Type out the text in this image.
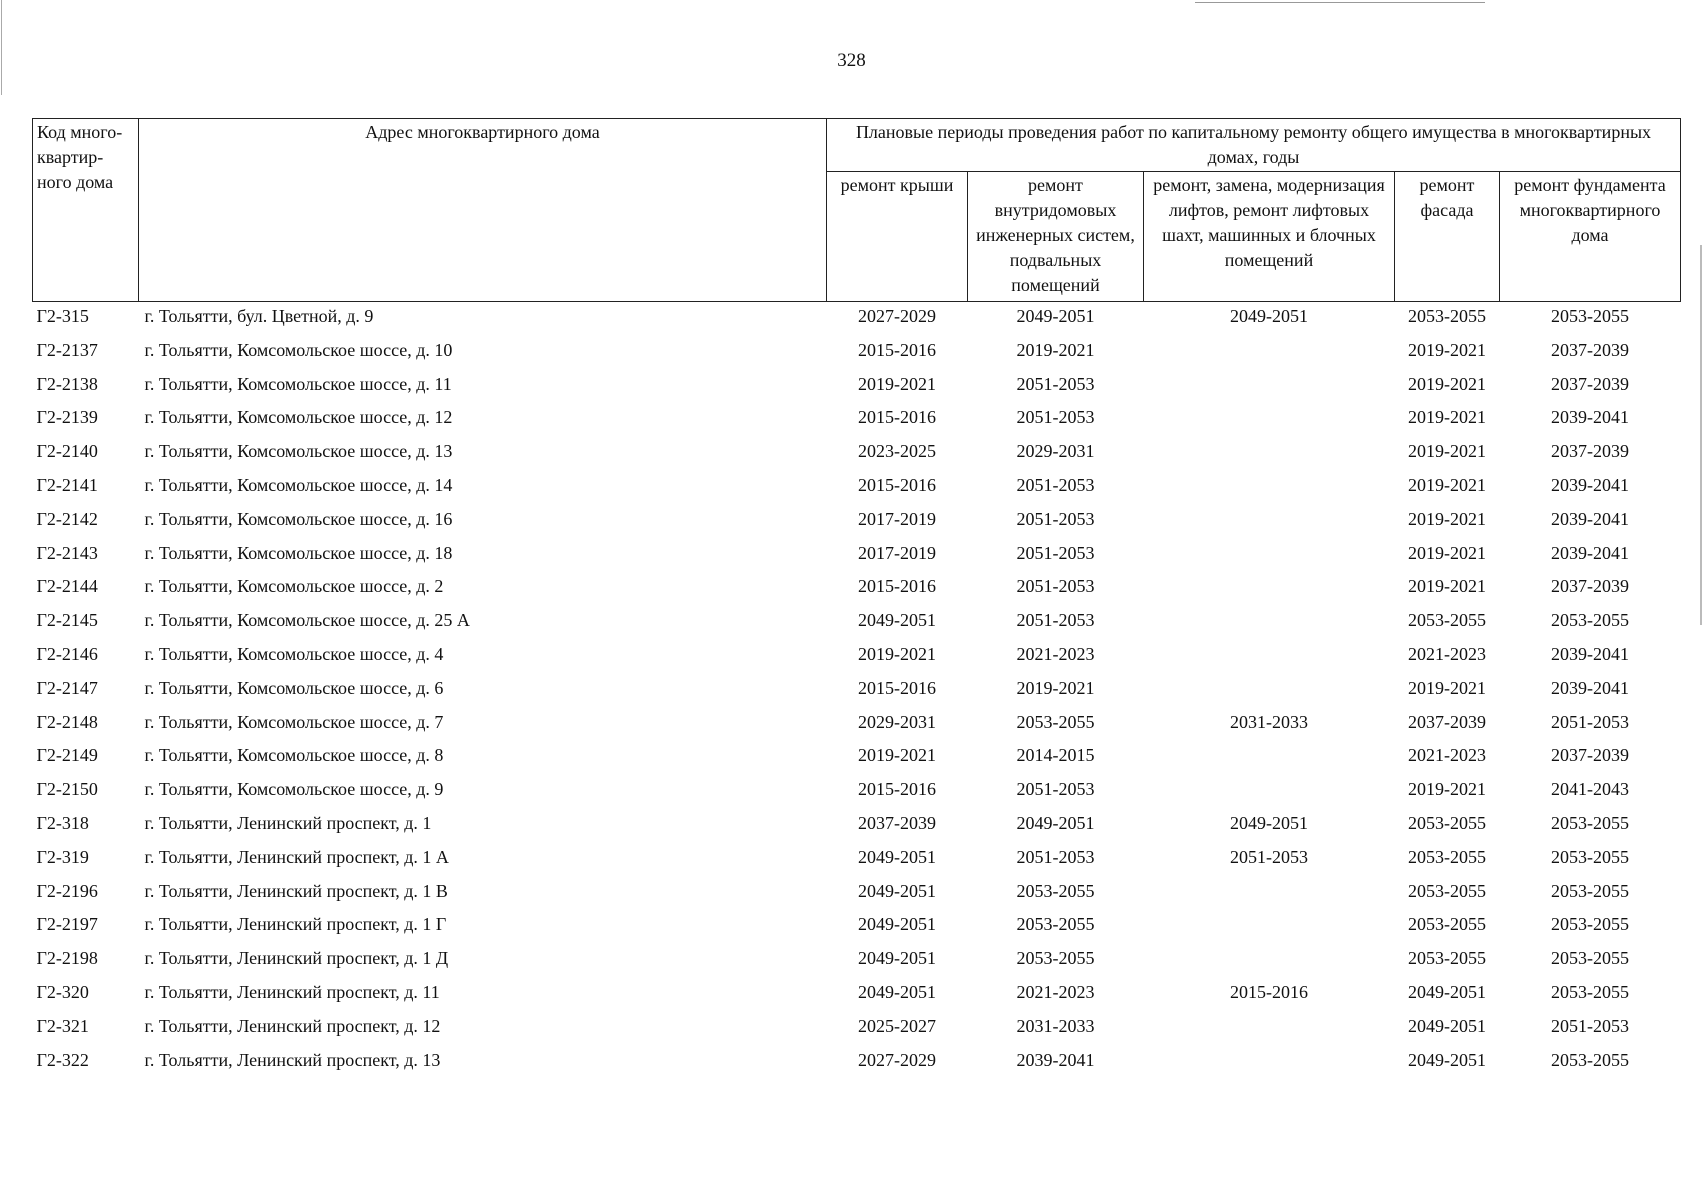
328
Код много-квартир-ного дома	Адрес многоквартирного дома	Плановые периоды проведения работ по капитальному ремонту общего имущества в многоквартирных домах, годы				
		ремонт крыши	ремонт внутридомовых инженерных систем, подвальных помещений	ремонт, замена, модернизация лифтов, ремонт лифтовых шахт, машинных и блочных помещений	ремонт фасада	ремонт фундамента многоквартирного дома
Г2-315	г. Тольятти, бул. Цветной, д. 9	2027-2029	2049-2051	2049-2051	2053-2055	2053-2055
Г2-2137	г. Тольятти, Комсомольское шоссе, д. 10	2015-2016	2019-2021		2019-2021	2037-2039
Г2-2138	г. Тольятти, Комсомольское шоссе, д. 11	2019-2021	2051-2053		2019-2021	2037-2039
Г2-2139	г. Тольятти, Комсомольское шоссе, д. 12	2015-2016	2051-2053		2019-2021	2039-2041
Г2-2140	г. Тольятти, Комсомольское шоссе, д. 13	2023-2025	2029-2031		2019-2021	2037-2039
Г2-2141	г. Тольятти, Комсомольское шоссе, д. 14	2015-2016	2051-2053		2019-2021	2039-2041
Г2-2142	г. Тольятти, Комсомольское шоссе, д. 16	2017-2019	2051-2053		2019-2021	2039-2041
Г2-2143	г. Тольятти, Комсомольское шоссе, д. 18	2017-2019	2051-2053		2019-2021	2039-2041
Г2-2144	г. Тольятти, Комсомольское шоссе, д. 2	2015-2016	2051-2053		2019-2021	2037-2039
Г2-2145	г. Тольятти, Комсомольское шоссе, д. 25 А	2049-2051	2051-2053		2053-2055	2053-2055
Г2-2146	г. Тольятти, Комсомольское шоссе, д. 4	2019-2021	2021-2023		2021-2023	2039-2041
Г2-2147	г. Тольятти, Комсомольское шоссе, д. 6	2015-2016	2019-2021		2019-2021	2039-2041
Г2-2148	г. Тольятти, Комсомольское шоссе, д. 7	2029-2031	2053-2055	2031-2033	2037-2039	2051-2053
Г2-2149	г. Тольятти, Комсомольское шоссе, д. 8	2019-2021	2014-2015		2021-2023	2037-2039
Г2-2150	г. Тольятти, Комсомольское шоссе, д. 9	2015-2016	2051-2053		2019-2021	2041-2043
Г2-318	г. Тольятти, Ленинский проспект, д. 1	2037-2039	2049-2051	2049-2051	2053-2055	2053-2055
Г2-319	г. Тольятти, Ленинский проспект, д. 1 А	2049-2051	2051-2053	2051-2053	2053-2055	2053-2055
Г2-2196	г. Тольятти, Ленинский проспект, д. 1 В	2049-2051	2053-2055		2053-2055	2053-2055
Г2-2197	г. Тольятти, Ленинский проспект, д. 1 Г	2049-2051	2053-2055		2053-2055	2053-2055
Г2-2198	г. Тольятти, Ленинский проспект, д. 1 Д	2049-2051	2053-2055		2053-2055	2053-2055
Г2-320	г. Тольятти, Ленинский проспект, д. 11	2049-2051	2021-2023	2015-2016	2049-2051	2053-2055
Г2-321	г. Тольятти, Ленинский проспект, д. 12	2025-2027	2031-2033		2049-2051	2051-2053
Г2-322	г. Тольятти, Ленинский проспект, д. 13	2027-2029	2039-2041		2049-2051	2053-2055
